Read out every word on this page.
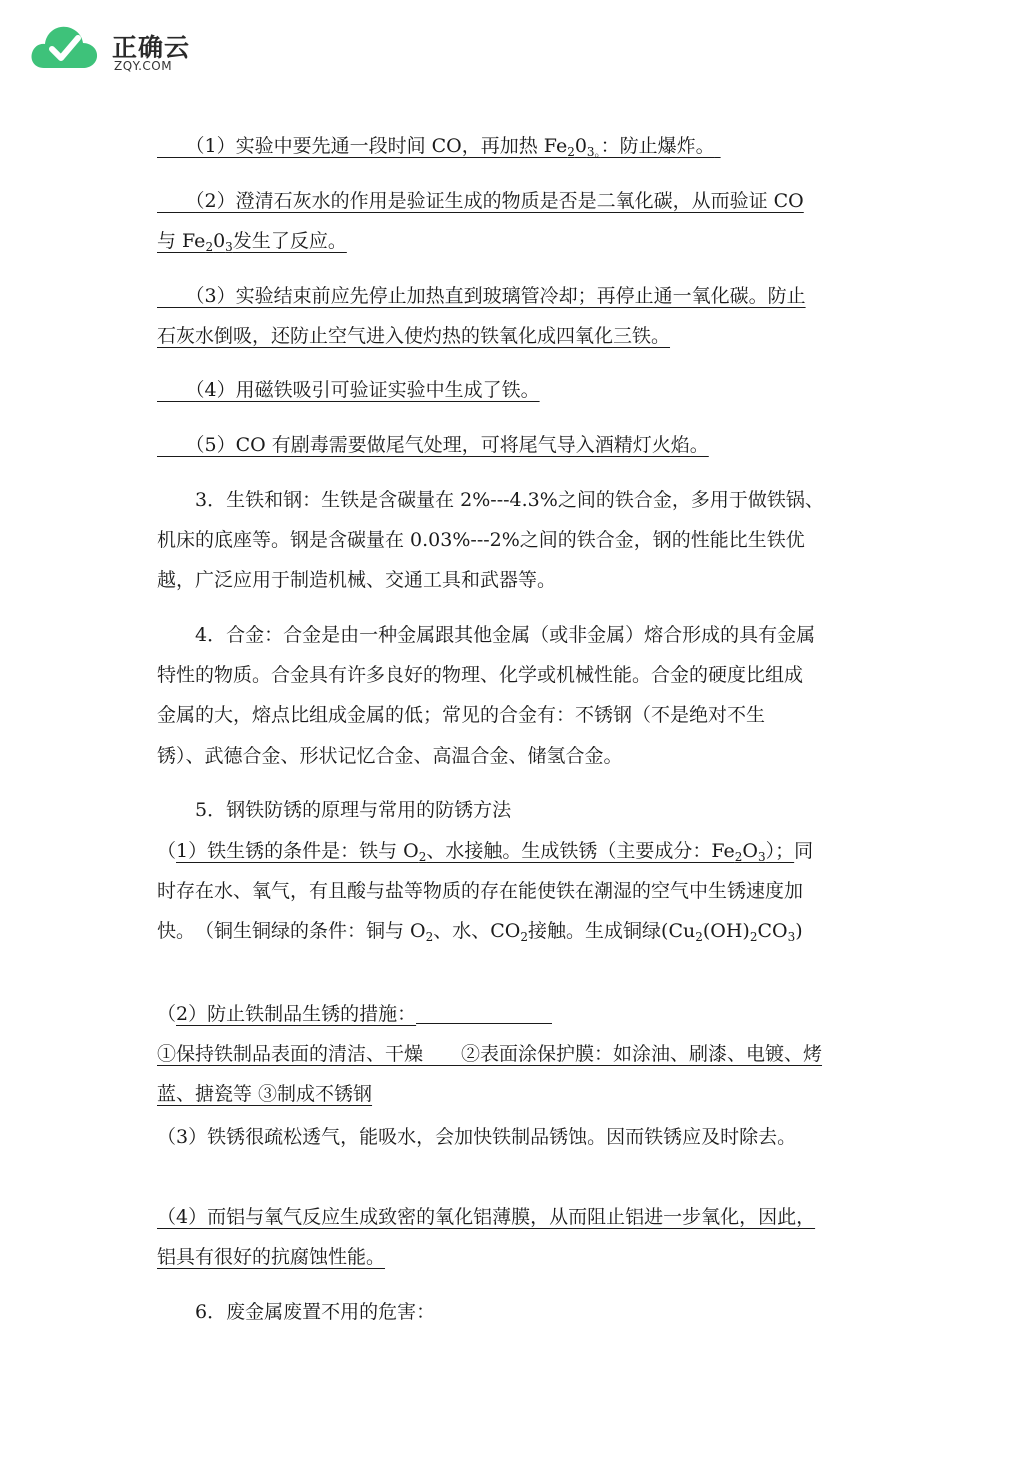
正确云
ZQY.COM
　　（1）实验中要先通一段时间 CO，再加热 $Fe_20_{3。}$：防止爆炸。
　　（2）澄清石灰水的作用是验证生成的物质是否是二氧化碳，从而验证 CO
与 $Fe_20_3$发生了反应。
　　（3）实验结束前应先停止加热直到玻璃管冷却；再停止通一氧化碳。防止
石灰水倒吸，还防止空气进入使灼热的铁氧化成四氧化三铁。
　　（4）用磁铁吸引可验证实验中生成了铁。
　　（5）CO 有剧毒需要做尾气处理，可将尾气导入酒精灯火焰。
　　3．生铁和钢：生铁是含碳量在 2%---4.3%之间的铁合金，多用于做铁锅、
机床的底座等。钢是含碳量在 0.03%---2%之间的铁合金，钢的性能比生铁优
越，广泛应用于制造机械、交通工具和武器等。
　　4．合金：合金是由一种金属跟其他金属（或非金属）熔合形成的具有金属
特性的物质。合金具有许多良好的物理、化学或机械性能。合金的硬度比组成
金属的大，熔点比组成金属的低；常见的合金有：不锈钢（不是绝对不生
锈）、武德合金、形状记忆合金、高温合金、储氢合金。
　　5．钢铁防锈的原理与常用的防锈方法
（1）铁生锈的条件是：铁与 $O_2$、水接触。生成铁锈（主要成分：$Fe_2O_3$）；同
时存在水、氧气，有且酸与盐等物质的存在能使铁在潮湿的空气中生锈速度加
快。　（铜生铜绿的条件：铜与 $O_2$、水、$CO_2$接触。生成铜绿$(Cu_2(OH)_2CO_3)$
（2）防止铁制品生锈的措施：
①保持铁制品表面的清洁、干燥　　②表面涂保护膜：如涂油、刷漆、电镀、烤
蓝、搪瓷等 ③制成不锈钢
（3）铁锈很疏松透气，能吸水，会加快铁制品锈蚀。因而铁锈应及时除去。
（4）而铝与氧气反应生成致密的氧化铝薄膜，从而阻止铝进一步氧化，因此，
铝具有很好的抗腐蚀性能。
　　6．废金属废置不用的危害：
